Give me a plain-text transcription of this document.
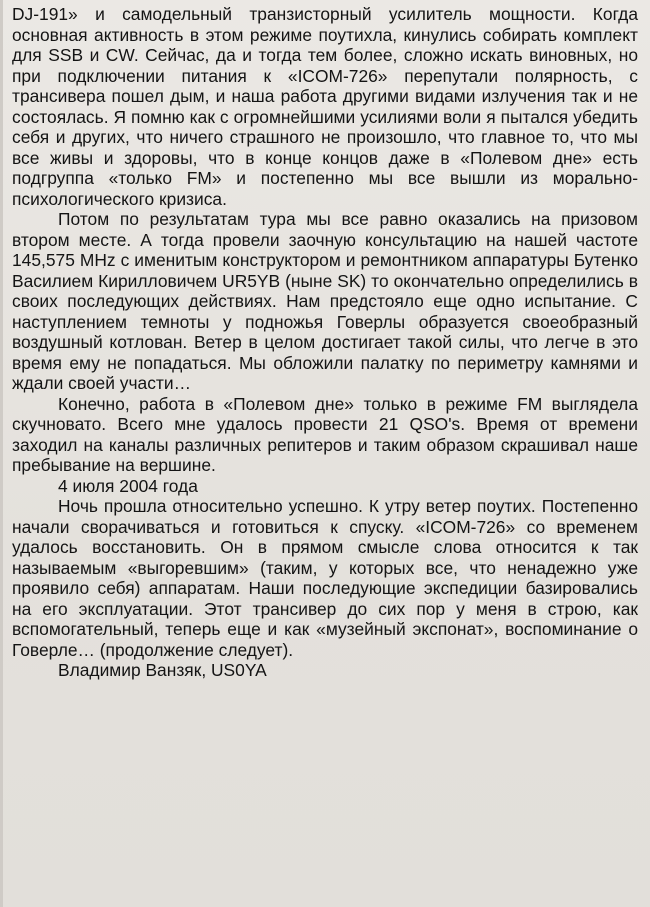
DJ-191» и самодельный транзисторный усилитель мощности. Когда основная активность в этом режиме поутихла, кинулись собирать комплект для SSB и CW. Сейчас, да и тогда тем более, сложно искать виновных, но при подключении питания к «ICOM-726» перепутали полярность, с трансивера пошел дым, и наша работа другими видами излучения так и не состоялась. Я помню как с огромнейшими усилиями воли я пытался убедить себя и других, что ничего страшного не произошло, что главное то, что мы все живы и здоровы, что в конце концов даже в «Полевом дне» есть подгруппа «только FM» и постепенно мы все вышли из морально-психологического кризиса.

Потом по результатам тура мы все равно оказались на призовом втором месте. А тогда провели заочную консультацию на нашей частоте 145,575 MHz с именитым конструктором и ремонтником аппаратуры Бутенко Василием Кирилловичем UR5YB (ныне SK) то окончательно определились в своих последующих действиях. Нам предстояло еще одно испытание. С наступлением темноты у подножья Говерлы образуется своеобразный воздушный котлован. Ветер в целом достигает такой силы, что легче в это время ему не попадаться. Мы обложили палатку по периметру камнями и ждали своей участи…

Конечно, работа в «Полевом дне» только в режиме FM выглядела скучновато. Всего мне удалось провести 21 QSO's. Время от времени заходил на каналы различных репитеров и таким образом скрашивал наше пребывание на вершине.

4 июля 2004 года

Ночь прошла относительно успешно. К утру ветер поутих. Постепенно начали сворачиваться и готовиться к спуску. «ICOM-726» со временем удалось восстановить. Он в прямом смысле слова относится к так называемым «выгоревшим» (таким, у которых все, что ненадежно уже проявило себя) аппаратам. Наши последующие экспедиции базировались на его эксплуатации. Этот трансивер до сих пор у меня в строю, как вспомогательный, теперь еще и как «музейный экспонат», воспоминание о Говерле… (продолжение следует).

Владимир Ванзяк, US0YA
